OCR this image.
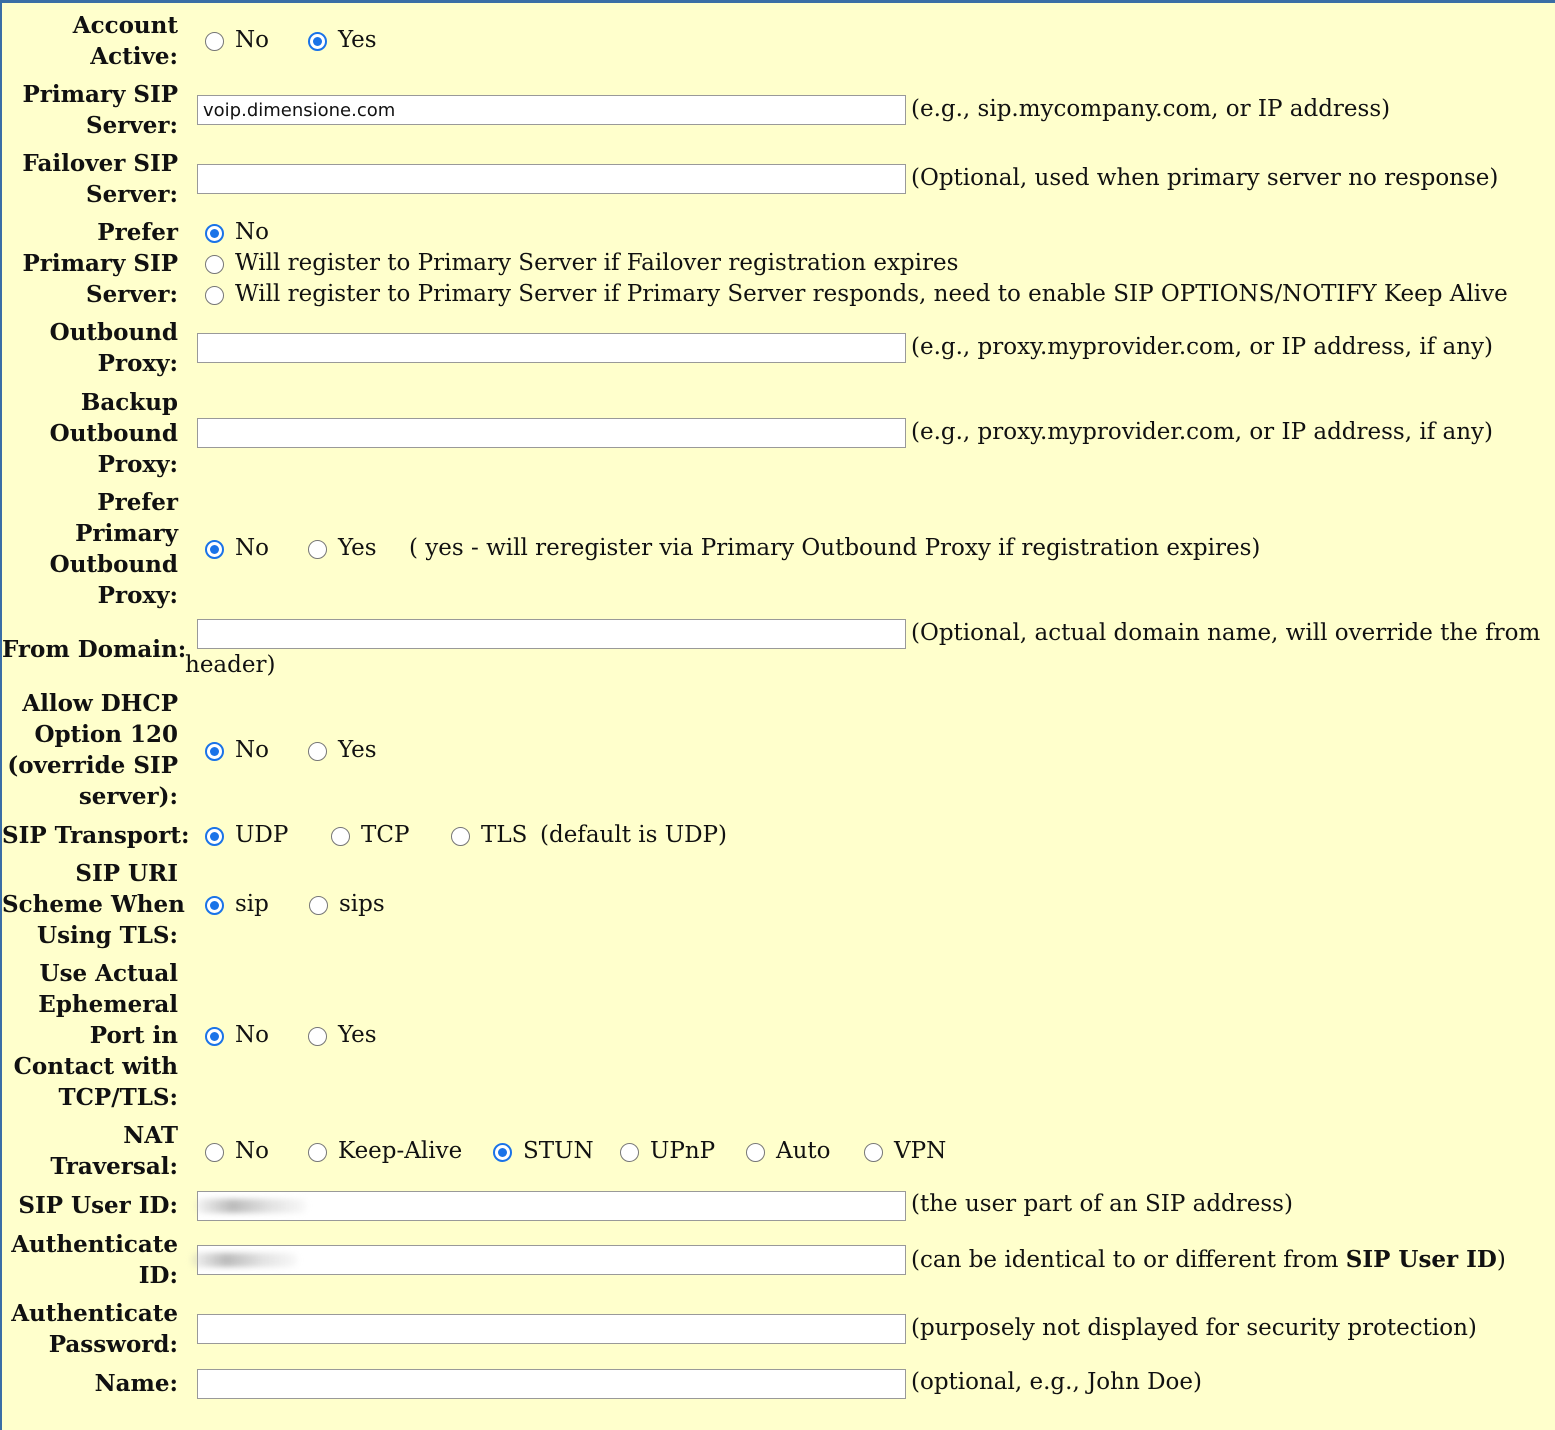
Account
Active:
No	Yes
Primary SIP
Server:
voip.dimensione.com
(e.g., sip.mycompany.com, or IP address)
Failover SIP
Server:
(Optional, used when primary server no response)
Prefer
Primary SIP
Server:
No
Will register to Primary Server if Failover registration expires
Will register to Primary Server if Primary Server responds, need to enable SIP OPTIONS/NOTIFY Keep Alive
Outbound
Proxy:
(e.g., proxy.myprovider.com, or IP address, if any)
Backup
Outbound
Proxy:
(e.g., proxy.myprovider.com, or IP address, if any)
Prefer
Primary
Outbound
Proxy:
No	Yes ( yes - will reregister via Primary Outbound Proxy if registration expires)
From Domain:
(Optional, actual domain name, will override the from
header)
Allow DHCP
Option 120
(override SIP
server):
No	Yes
SIP Transport: UDP	TCP	TLS (default is UDP)
SIP URI
Scheme When
Using TLS:
sip	sips
Use Actual
Ephemeral
Port in
Contact with
TCP/TLS:
No	Yes
NAT
Traversal:
No	Keep-Alive	STUN UPnP	Auto	VPN
SIP User ID:	(the user part of an SIP address)
Authenticate
ID:
(can be identical to or different from SIP User ID)
Authenticate
Password:
(purposely not displayed for security protection)
Name:	(optional, e.g., John Doe)
